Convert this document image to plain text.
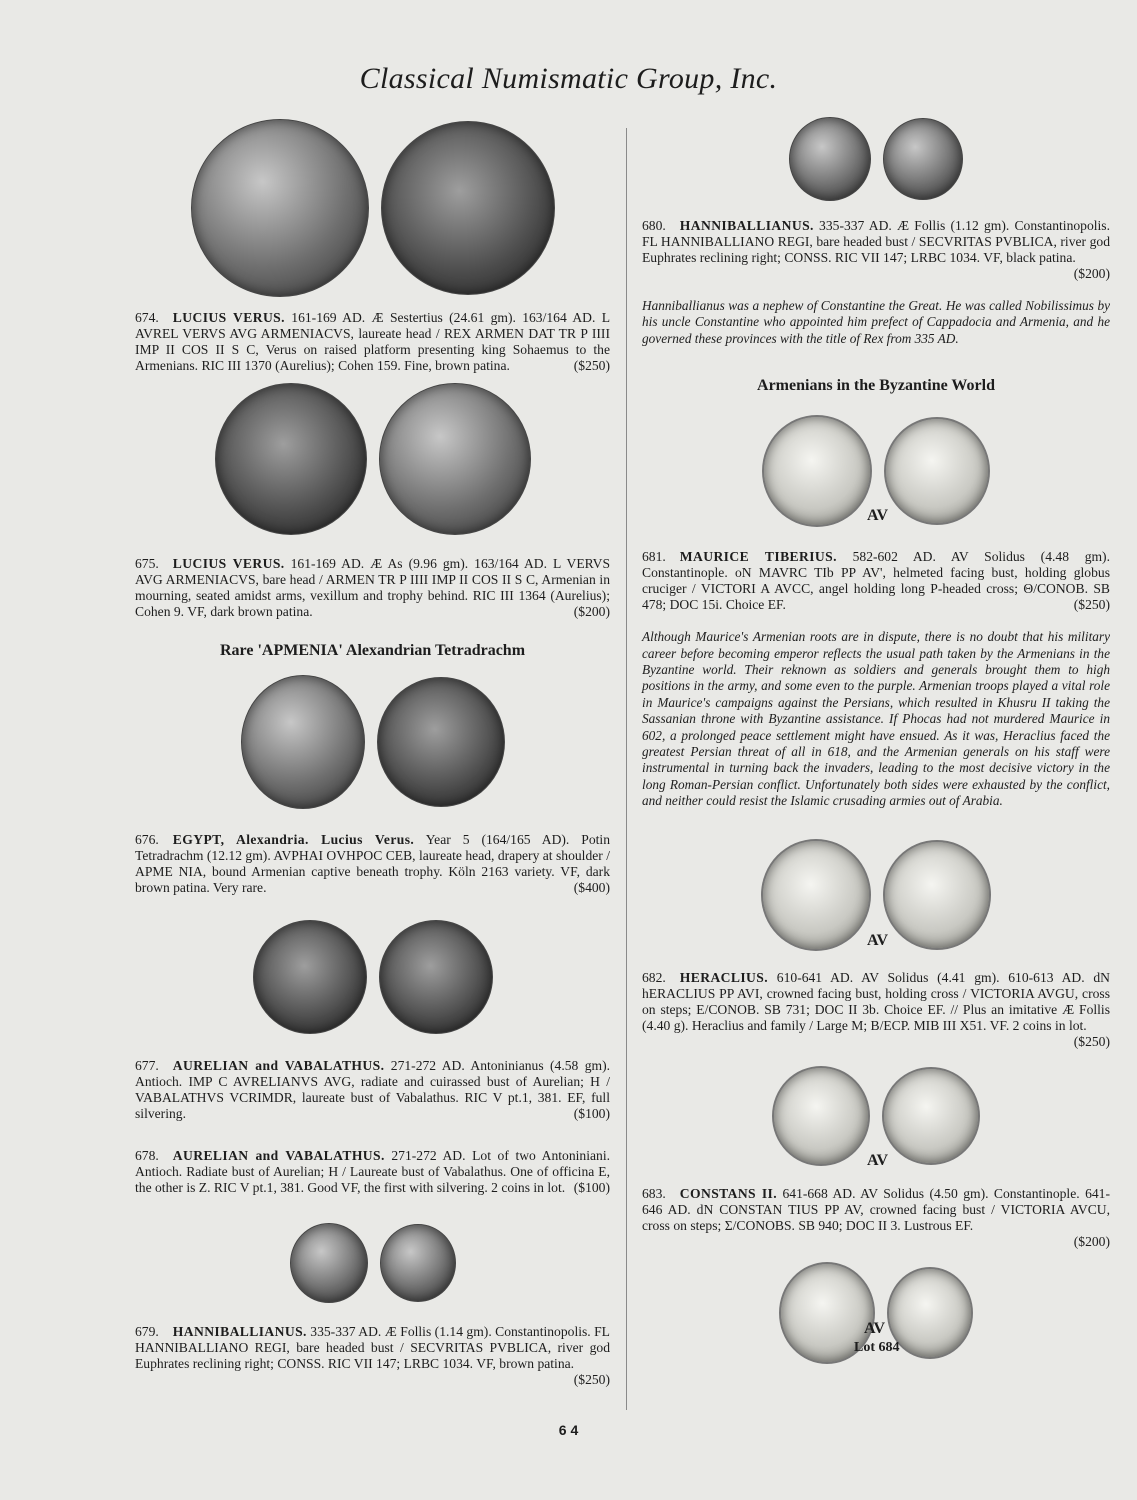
Classical Numismatic Group, Inc.

674. LUCIUS VERUS. 161-169 AD. Æ Sestertius (24.61 gm). 163/164 AD. L AVREL VERVS AVG ARMENIACVS, laureate head / REX ARMEN DAT TR P IIII IMP II COS II S C, Verus on raised platform presenting king Sohaemus to the Armenians. RIC III 1370 (Aurelius); Cohen 159. Fine, brown patina.	($250)

675. LUCIUS VERUS. 161-169 AD. Æ As (9.96 gm). 163/164 AD. L VERVS AVG ARMENIACVS, bare head / ARMEN TR P IIII IMP II COS II S C, Armenian in mourning, seated amidst arms, vexillum and trophy behind. RIC III 1364 (Aurelius); Cohen 9. VF, dark brown patina.	($200)

Rare 'APMENIA' Alexandrian Tetradrachm

676. EGYPT, Alexandria. Lucius Verus. Year 5 (164/165 AD). Potin Tetradrachm (12.12 gm). AVPHAI OVHPOC CEB, laureate head, drapery at shoulder / APME NIA, bound Armenian captive beneath trophy. Köln 2163 variety. VF, dark brown patina. Very rare.	($400)

677. AURELIAN and VABALATHUS. 271-272 AD. Antoninianus (4.58 gm). Antioch. IMP C AVRELIANVS AVG, radiate and cuirassed bust of Aurelian; H / VABALATHVS VCRIMDR, laureate bust of Vabalathus. RIC V pt.1, 381. EF, full silvering.	($100)

678. AURELIAN and VABALATHUS. 271-272 AD. Lot of two Antoniniani. Antioch. Radiate bust of Aurelian; H / Laureate bust of Vabalathus. One of officina E, the other is Z. RIC V pt.1, 381. Good VF, the first with silvering. 2 coins in lot. ($100)

679. HANNIBALLIANUS. 335-337 AD. Æ Follis (1.14 gm). Constantinopolis. FL HANNIBALLIANO REGI, bare headed bust / SECVRITAS PVBLICA, river god Euphrates reclining right; CONSS. RIC VII 147; LRBC 1034. VF, brown patina.
($250)

680. HANNIBALLIANUS. 335-337 AD. Æ Follis (1.12 gm). Constantinopolis. FL HANNIBALLIANO REGI, bare headed bust / SECVRITAS PVBLICA, river god Euphrates reclining right; CONSS. RIC VII 147; LRBC 1034. VF, black patina.
($200)

Hanniballianus was a nephew of Constantine the Great. He was called Nobilissimus by his uncle Constantine who appointed him prefect of Cappadocia and Armenia, and he governed these provinces with the title of Rex from 335 AD.

Armenians in the Byzantine World

AV

681. MAURICE TIBERIUS. 582-602 AD. AV Solidus (4.48 gm). Constantinople. oN MAVRC TIb PP AV', helmeted facing bust, holding globus cruciger / VICTORI A AVCC, angel holding long P-headed cross; Θ/CONOB. SB 478; DOC 15i. Choice EF.	($250)

Although Maurice's Armenian roots are in dispute, there is no doubt that his military career before becoming emperor reflects the usual path taken by the Armenians in the Byzantine world. Their reknown as soldiers and generals brought them to high positions in the army, and some even to the purple. Armenian troops played a vital role in Maurice's campaigns against the Persians, which resulted in Khusru II taking the Sassanian throne with Byzantine assistance. If Phocas had not murdered Maurice in 602, a prolonged peace settlement might have ensued. As it was, Heraclius faced the greatest Persian threat of all in 618, and the Armenian generals on his staff were instrumental in turning back the invaders, leading to the most decisive victory in the long Roman-Persian conflict. Unfortunately both sides were exhausted by the conflict, and neither could resist the Islamic crusading armies out of Arabia.

AV

682. HERACLIUS. 610-641 AD. AV Solidus (4.41 gm). 610-613 AD. dN hERACLIUS PP AVI, crowned facing bust, holding cross / VICTORIA AVGU, cross on steps; E/CONOB. SB 731; DOC II 3b. Choice EF. // Plus an imitative Æ Follis (4.40 g). Heraclius and family / Large M; B/ECP. MIB III X51. VF. 2 coins in lot.
($250)

AV

683. CONSTANS II. 641-668 AD. AV Solidus (4.50 gm). Constantinople. 641-646 AD. dN CONSTAN TIUS PP AV, crowned facing bust / VICTORIA AVCU, cross on steps; Σ/CONOBS. SB 940; DOC II 3. Lustrous EF.

($200)

AV
Lot 684
6 4
